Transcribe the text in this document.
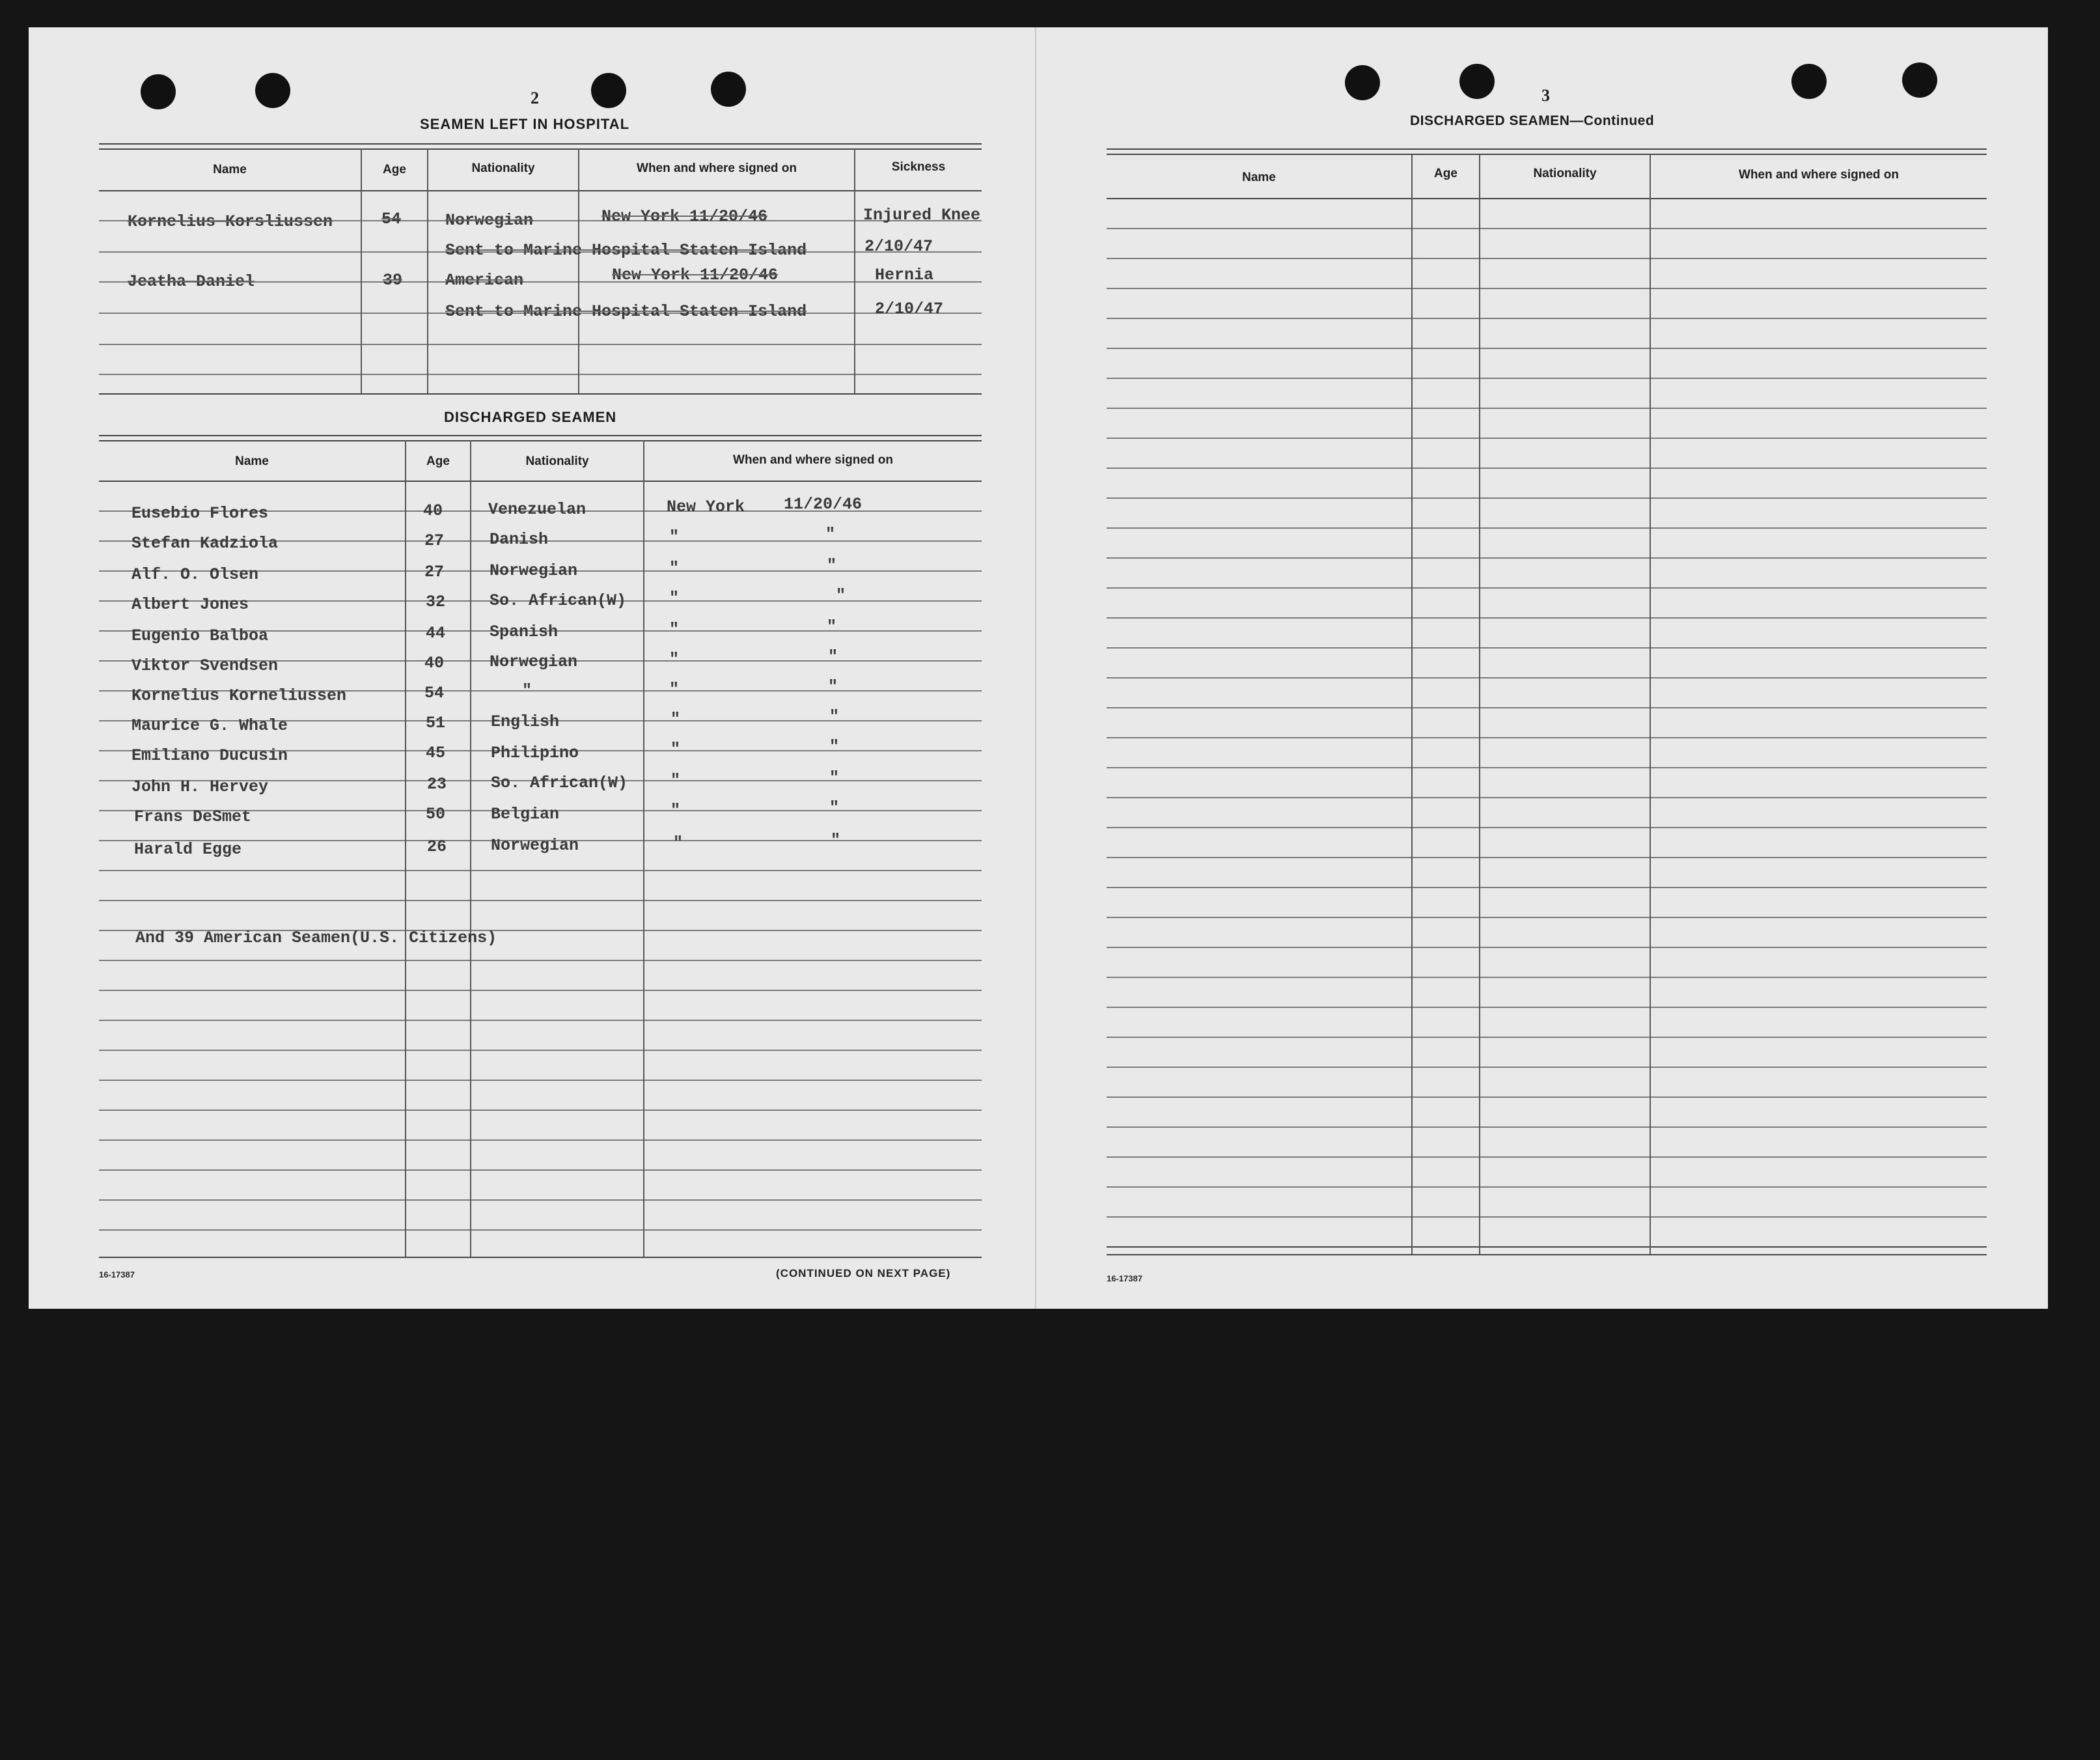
2
SEAMEN LEFT IN HOSPITAL
Name	Age	Nationality	When and where signed on	Sickness
Kornelius Korsliussen	54	Norwegian	New York 11/20/46	Injured Knee
Sent to Marine Hospital Staten Island	2/10/47
Jeatha Daniel	39	American	New York 11/20/46	Hernia
Sent to Marine Hospital Staten Island	2/10/47
DISCHARGED SEAMEN
Name	Age	Nationality	When and where signed on
Eusebio Flores	40	Venezuelan	New York 11/20/46
Stefan Kadziola	27	Danish	"	"
Alf. O. Olsen	27	Norwegian	"	"
Albert Jones	32	So. African(W)	"	"
Eugenio Balboa	44	Spanish	"	"
Viktor Svendsen	40	Norwegian	"	"
Kornelius Korneliussen	54	"	"	"
Maurice G. Whale	51	English	"	"
Emiliano Ducusin	45	Philipino	"	"
John H. Hervey	23	So. African(W)	"	"
Frans DeSmet	50	Belgian	"	"
Harald Egge	26	Norwegian	"	"
And 39 American Seamen(U.S. Citizens)
16-17387	(CONTINUED ON NEXT PAGE)
3
DISCHARGED SEAMEN—Continued
Name	Age	Nationality	When and where signed on
16-17387
